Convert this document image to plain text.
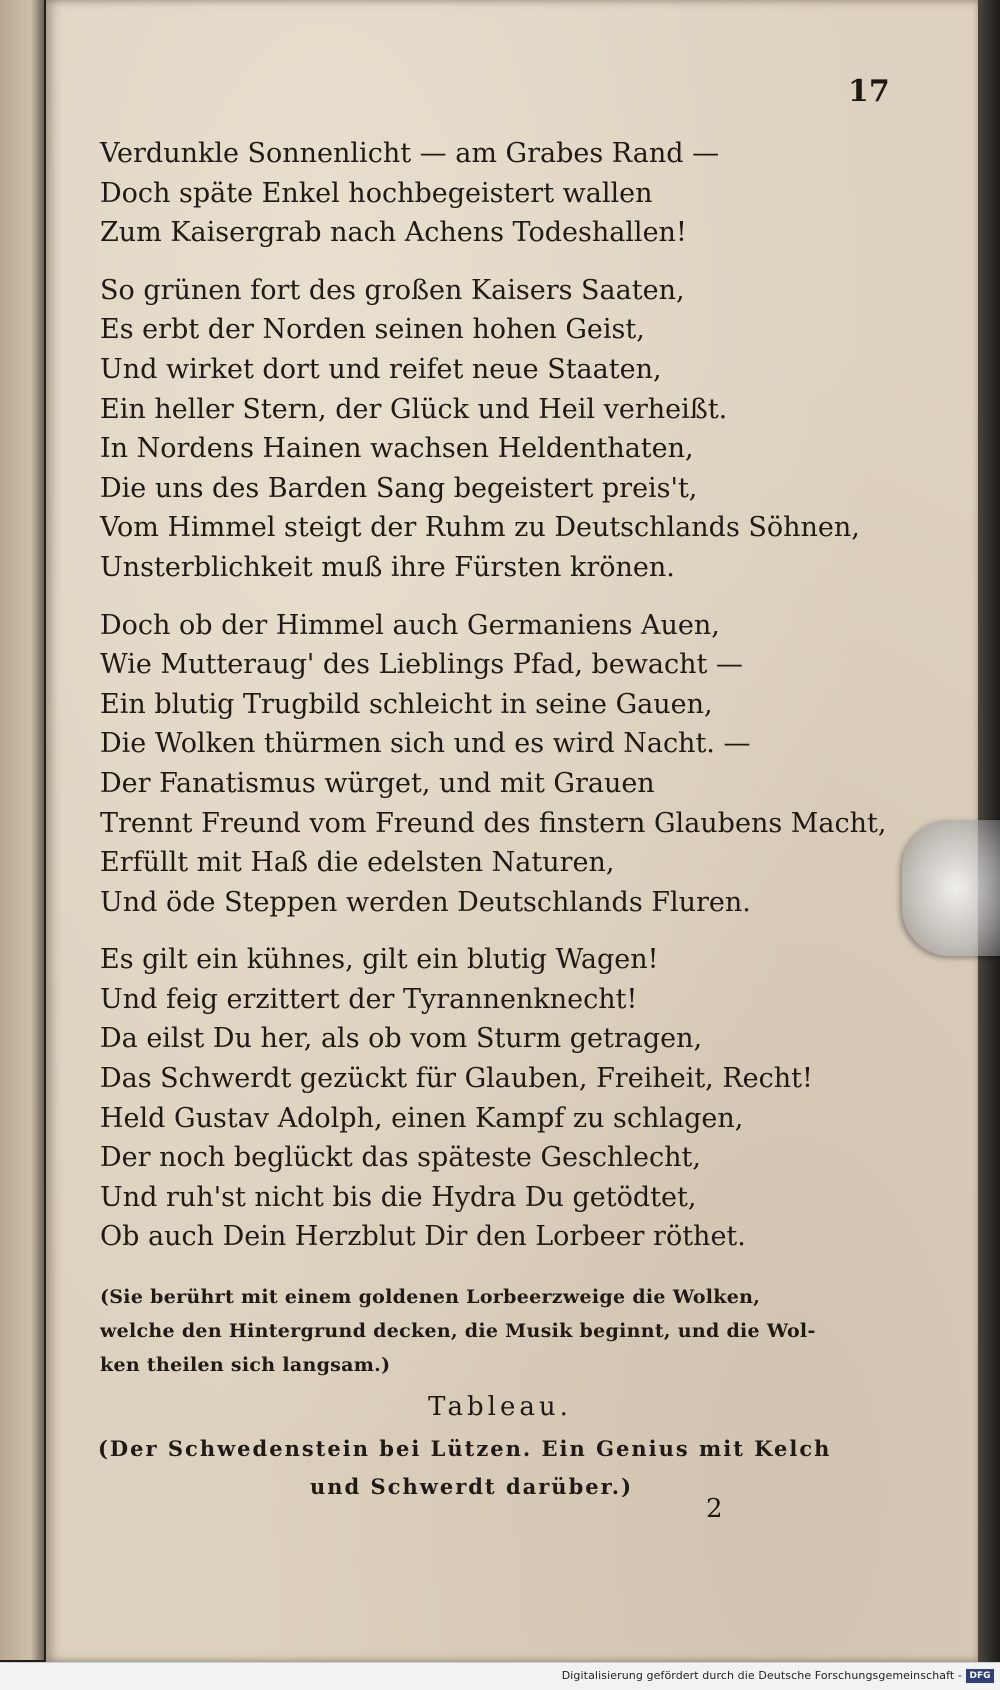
17
Verdunkle Sonnenlicht — am Grabes Rand —
Doch späte Enkel hochbegeistert wallen
Zum Kaisergrab nach Achens Todeshallen!
So grünen fort des großen Kaisers Saaten,
Es erbt der Norden seinen hohen Geist,
Und wirket dort und reifet neue Staaten,
Ein heller Stern, der Glück und Heil verheißt.
In Nordens Hainen wachsen Heldenthaten,
Die uns des Barden Sang begeistert preis't,
Vom Himmel steigt der Ruhm zu Deutschlands Söhnen,
Unsterblichkeit muß ihre Fürsten krönen.
Doch ob der Himmel auch Germaniens Auen,
Wie Mutteraug' des Lieblings Pfad, bewacht —
Ein blutig Trugbild schleicht in seine Gauen,
Die Wolken thürmen sich und es wird Nacht. —
Der Fanatismus würget, und mit Grauen
Trennt Freund vom Freund des finstern Glaubens Macht,
Erfüllt mit Haß die edelsten Naturen,
Und öde Steppen werden Deutschlands Fluren.
Es gilt ein kühnes, gilt ein blutig Wagen!
Und feig erzittert der Tyrannenknecht!
Da eilst Du her, als ob vom Sturm getragen,
Das Schwerdt gezückt für Glauben, Freiheit, Recht!
Held Gustav Adolph, einen Kampf zu schlagen,
Der noch beglückt das späteste Geschlecht,
Und ruh'st nicht bis die Hydra Du getödtet,
Ob auch Dein Herzblut Dir den Lorbeer röthet.
(Sie berührt mit einem goldenen Lorbeerzweige die Wolken,
welche den Hintergrund decken, die Musik beginnt, und die Wol-
ken theilen sich langsam.)
Tableau.
(Der Schwedenstein bei Lützen. Ein Genius mit Kelch
und Schwerdt darüber.)
2
Digitalisierung gefördert durch die Deutsche Forschungsgemeinschaft - DFG
